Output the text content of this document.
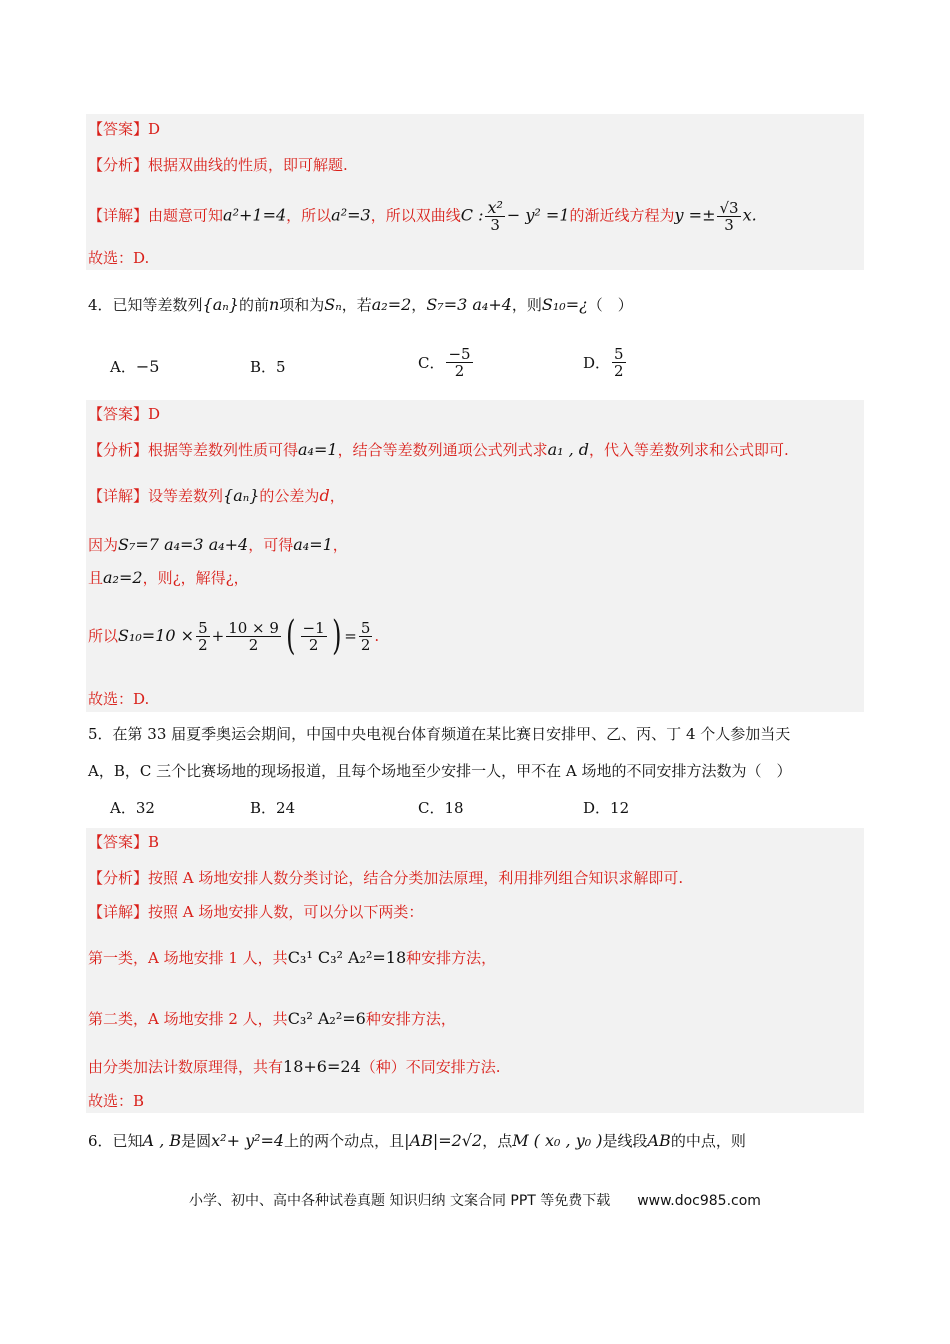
【答案】D
【分析】根据双曲线的性质，即可解题.
【详解】由题意可知a²+1=4，所以a²=3，所以双曲线C : $\frac{\text{x²}}{3} - y^2 =1$的渐近线方程为$y =\pm \frac{√3}{3} x$.
故选：D.
4．已知等差数列{aₙ}的前n项和为Sₙ，若a₂=2，S₇=3 a₄+4，则S₁₀=¿（　）
A．−5	B．5	C． $\frac{-5}{2}$	D． $\frac{5}{2}$
【答案】D
【分析】根据等差数列性质可得a₄=1，结合等差数列通项公式列式求a₁ , d，代入等差数列求和公式即可.
【详解】设等差数列{aₙ}的公差为d，
因为S₇=7 a₄=3 a₄+4，可得a₄=1，
且a₂=2，则¿，解得¿，
所以$S_{10}=10 \times \frac{5}{2} + \frac{10 \times 9}{2}$ ( $\frac{-1}{2}$ ) = $\frac{5}{2}$ .
故选：D.
5．在第 33 届夏季奥运会期间，中国中央电视台体育频道在某比赛日安排甲、乙、丙、丁 4 个人参加当天
A，B，C 三个比赛场地的现场报道，且每个场地至少安排一人，甲不在 A 场地的不同安排方法数为（　）
A．32	B．24	C．18	D．12
【答案】B
【分析】按照 A 场地安排人数分类讨论，结合分类加法原理，利用排列组合知识求解即可.
【详解】按照 A 场地安排人数，可以分以下两类：
第一类，A 场地安排 1 人，共C₃¹ C₃² A₂²=18种安排方法，
第二类，A 场地安排 2 人，共C₃² A₂²=6种安排方法，
由分类加法计数原理得，共有18+6=24（种）不同安排方法.
故选：B
6．已知A , B是圆x²+ y²=4上的两个动点，且|AB|=2√2，点M ( x₀ , y₀ )是线段AB的中点，则
小学、初中、高中各种试卷真题 知识归纳 文案合同 PPT 等免费下载 www.doc985.com
